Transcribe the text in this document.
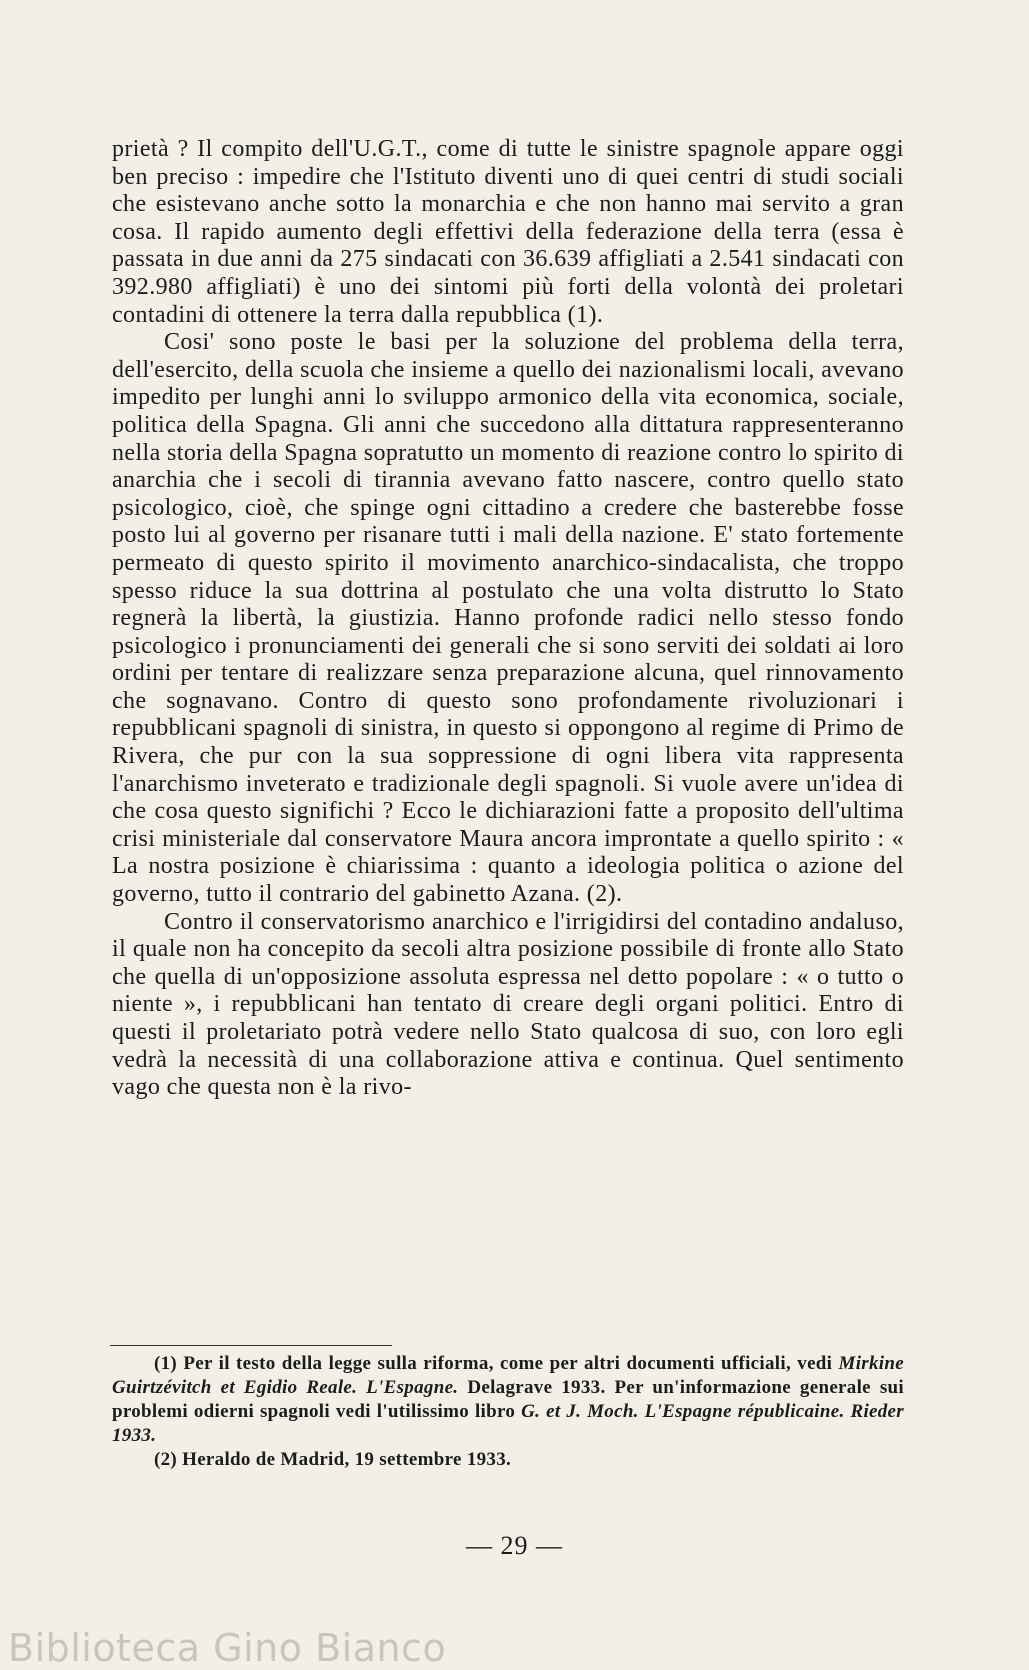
prietà ? Il compito dell'U.G.T., come di tutte le sinistre spagnole appare oggi ben preciso : impedire che l'Istituto diventi uno di quei centri di studi sociali che esistevano anche sotto la monarchia e che non hanno mai servito a gran cosa. Il rapido aumento degli effettivi della federazione della terra (essa è passata in due anni da 275 sindacati con 36.639 affigliati a 2.541 sindacati con 392.980 affigliati) è uno dei sintomi più forti della volontà dei proletari contadini di ottenere la terra dalla repubblica (1).

Cosi' sono poste le basi per la soluzione del problema della terra, dell'esercito, della scuola che insieme a quello dei nazionalismi locali, avevano impedito per lunghi anni lo sviluppo armonico della vita economica, sociale, politica della Spagna. Gli anni che succedono alla dittatura rappresenteranno nella storia della Spagna sopratutto un momento di reazione contro lo spirito di anarchia che i secoli di tirannia avevano fatto nascere, contro quello stato psicologico, cioè, che spinge ogni cittadino a credere che basterebbe fosse posto lui al governo per risanare tutti i mali della nazione. E' stato fortemente permeato di questo spirito il movimento anarchico-sindacalista, che troppo spesso riduce la sua dottrina al postulato che una volta distrutto lo Stato regnerà la libertà, la giustizia. Hanno profonde radici nello stesso fondo psicologico i pronunciamenti dei generali che si sono serviti dei soldati ai loro ordini per tentare di realizzare senza preparazione alcuna, quel rinnovamento che sognavano. Contro di questo sono profondamente rivoluzionari i repubblicani spagnoli di sinistra, in questo si oppongono al regime di Primo de Rivera, che pur con la sua soppressione di ogni libera vita rappresenta l'anarchismo inveterato e tradizionale degli spagnoli. Si vuole avere un'idea di che cosa questo significhi ? Ecco le dichiarazioni fatte a proposito dell'ultima crisi ministeriale dal conservatore Maura ancora improntate a quello spirito : « La nostra posizione è chiarissima : quanto a ideologia politica o azione del governo, tutto il contrario del gabinetto Azana. (2).

Contro il conservatorismo anarchico e l'irrigidirsi del contadino andaluso, il quale non ha concepito da secoli altra posizione possibile di fronte allo Stato che quella di un'opposizione assoluta espressa nel detto popolare : « o tutto o niente », i repubblicani han tentato di creare degli organi politici. Entro di questi il proletariato potrà vedere nello Stato qualcosa di suo, con loro egli vedrà la necessità di una collaborazione attiva e continua. Quel sentimento vago che questa non è la rivo-

(1) Per il testo della legge sulla riforma, come per altri documenti ufficiali, vedi Mirkine Guirtzévitch et Egidio Reale. L'Espagne. Delagrave 1933. Per un'informazione generale sui problemi odierni spagnoli vedi l'utilissimo libro G. et J. Moch. L'Espagne républicaine. Rieder 1933.

(2) Heraldo de Madrid, 19 settembre 1933.

— 29 —
Biblioteca Gino Bianco
